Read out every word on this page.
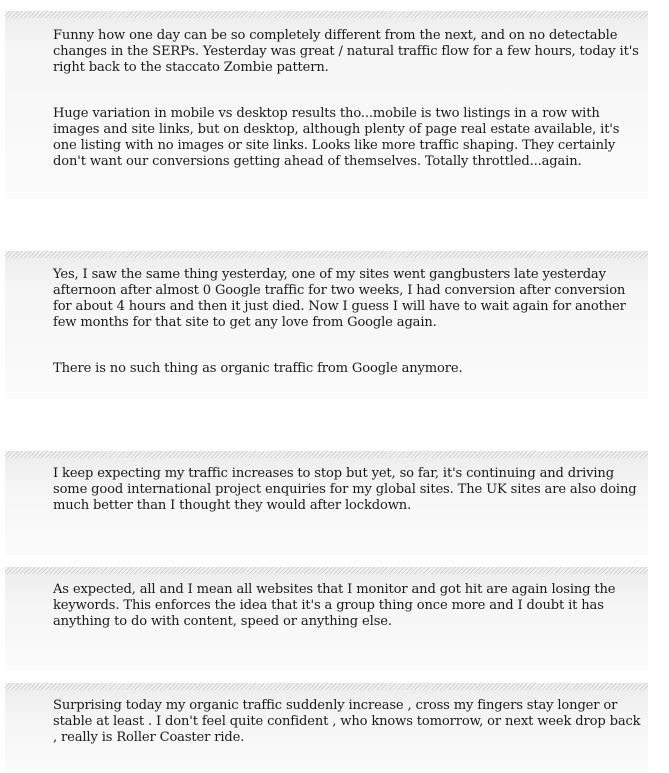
Funny how one day can be so completely different from the next, and on no detectable changes in the SERPs. Yesterday was great / natural traffic flow for a few hours, today it's right back to the staccato Zombie pattern.

Huge variation in mobile vs desktop results tho...mobile is two listings in a row with images and site links, but on desktop, although plenty of page real estate available, it's one listing with no images or site links. Looks like more traffic shaping. They certainly don't want our conversions getting ahead of themselves. Totally throttled...again.

Yes, I saw the same thing yesterday, one of my sites went gangbusters late yesterday afternoon after almost 0 Google traffic for two weeks, I had conversion after conversion for about 4 hours and then it just died. Now I guess I will have to wait again for another few months for that site to get any love from Google again.

There is no such thing as organic traffic from Google anymore.

I keep expecting my traffic increases to stop but yet, so far, it's continuing and driving some good international project enquiries for my global sites. The UK sites are also doing much better than I thought they would after lockdown.

As expected, all and I mean all websites that I monitor and got hit are again losing the keywords. This enforces the idea that it's a group thing once more and I doubt it has anything to do with content, speed or anything else.

Surprising today my organic traffic suddenly increase , cross my fingers stay longer or stable at least . I don't feel quite confident , who knows tomorrow, or next week drop back , really is Roller Coaster ride.
